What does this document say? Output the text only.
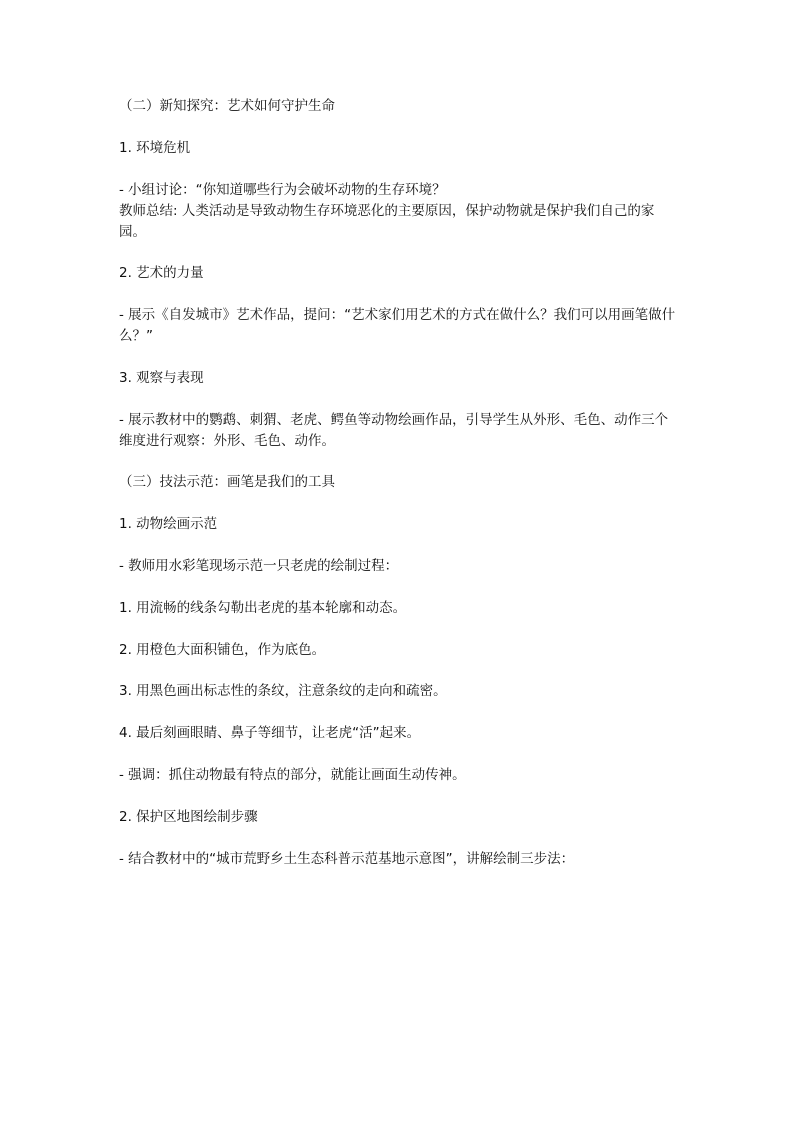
（二）新知探究：艺术如何守护生命

1. 环境危机

- 小组讨论：“你知道哪些行为会破坏动物的生存环境？

教师总结: 人类活动是导致动物生存环境恶化的主要原因，保护动物就是保护我们自己的家园。

2. 艺术的力量

- 展示《自发城市》艺术作品，提问：“艺术家们用艺术的方式在做什么？我们可以用画笔做什么？”

3. 观察与表现

- 展示教材中的鹦鹉、刺猬、老虎、鳄鱼等动物绘画作品，引导学生从外形、毛色、动作三个维度进行观察：外形、毛色、动作。

（三）技法示范：画笔是我们的工具

1. 动物绘画示范

- 教师用水彩笔现场示范一只老虎的绘制过程：

1. 用流畅的线条勾勒出老虎的基本轮廓和动态。

2. 用橙色大面积铺色，作为底色。

3. 用黑色画出标志性的条纹，注意条纹的走向和疏密。

4. 最后刻画眼睛、鼻子等细节，让老虎“活”起来。

- 强调：抓住动物最有特点的部分，就能让画面生动传神。

2. 保护区地图绘制步骤

- 结合教材中的“城市荒野乡土生态科普示范基地示意图”，讲解绘制三步法：
